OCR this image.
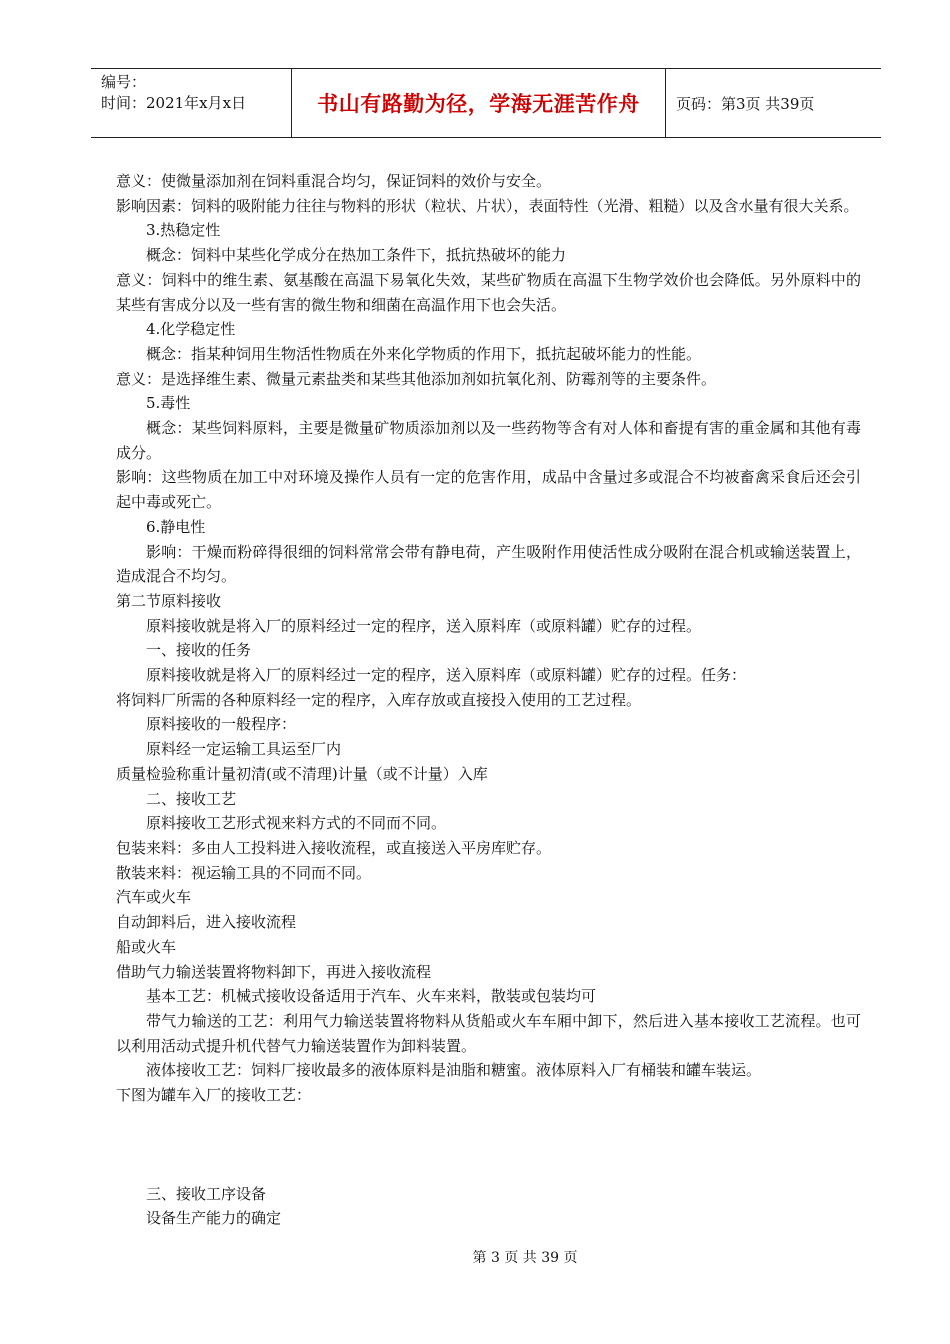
编号：
时间：2021年x月x日	书山有路勤为径，学海无涯苦作舟 页码：第3页 共39页

意义：使微量添加剂在饲料重混合均匀，保证饲料的效价与安全。

影响因素：饲料的吸附能力往往与物料的形状（粒状、片状），表面特性（光滑、粗糙）以及含水量有很大关系。

3.热稳定性

概念：饲料中某些化学成分在热加工条件下，抵抗热破坏的能力

意义：饲料中的维生素、氨基酸在高温下易氧化失效，某些矿物质在高温下生物学效价也会降低。另外原料中的某些有害成分以及一些有害的微生物和细菌在高温作用下也会失活。

4.化学稳定性

概念：指某种饲用生物活性物质在外来化学物质的作用下，抵抗起破坏能力的性能。

意义：是选择维生素、微量元素盐类和某些其他添加剂如抗氧化剂、防霉剂等的主要条件。

5.毒性

概念：某些饲料原料，主要是微量矿物质添加剂以及一些药物等含有对人体和畜提有害的重金属和其他有毒成分。

影响：这些物质在加工中对环境及操作人员有一定的危害作用，成品中含量过多或混合不均被畜禽采食后还会引起中毒或死亡。

6.静电性

影响：干燥而粉碎得很细的饲料常常会带有静电荷，产生吸附作用使活性成分吸附在混合机或输送装置上，造成混合不均匀。

第二节原料接收

原料接收就是将入厂的原料经过一定的程序，送入原料库（或原料罐）贮存的过程。

一、接收的任务

原料接收就是将入厂的原料经过一定的程序，送入原料库（或原料罐）贮存的过程。任务：

将饲料厂所需的各种原料经一定的程序，入库存放或直接投入使用的工艺过程。

原料接收的一般程序：

原料经一定运输工具运至厂内

质量检验称重计量初清(或不清理)计量（或不计量）入库

二、接收工艺

原料接收工艺形式视来料方式的不同而不同。

包装来料：多由人工投料进入接收流程，或直接送入平房库贮存。

散装来料：视运输工具的不同而不同。

汽车或火车

自动卸料后，进入接收流程

船或火车

借助气力输送装置将物料卸下，再进入接收流程

基本工艺：机械式接收设备适用于汽车、火车来料，散装或包装均可

带气力输送的工艺：利用气力输送装置将物料从货船或火车车厢中卸下，然后进入基本接收工艺流程。也可以利用活动式提升机代替气力输送装置作为卸料装置。

液体接收工艺：饲料厂接收最多的液体原料是油脂和糖蜜。液体原料入厂有桶装和罐车装运。

下图为罐车入厂的接收工艺：

三、接收工序设备

设备生产能力的确定

第 3 页 共 39 页
